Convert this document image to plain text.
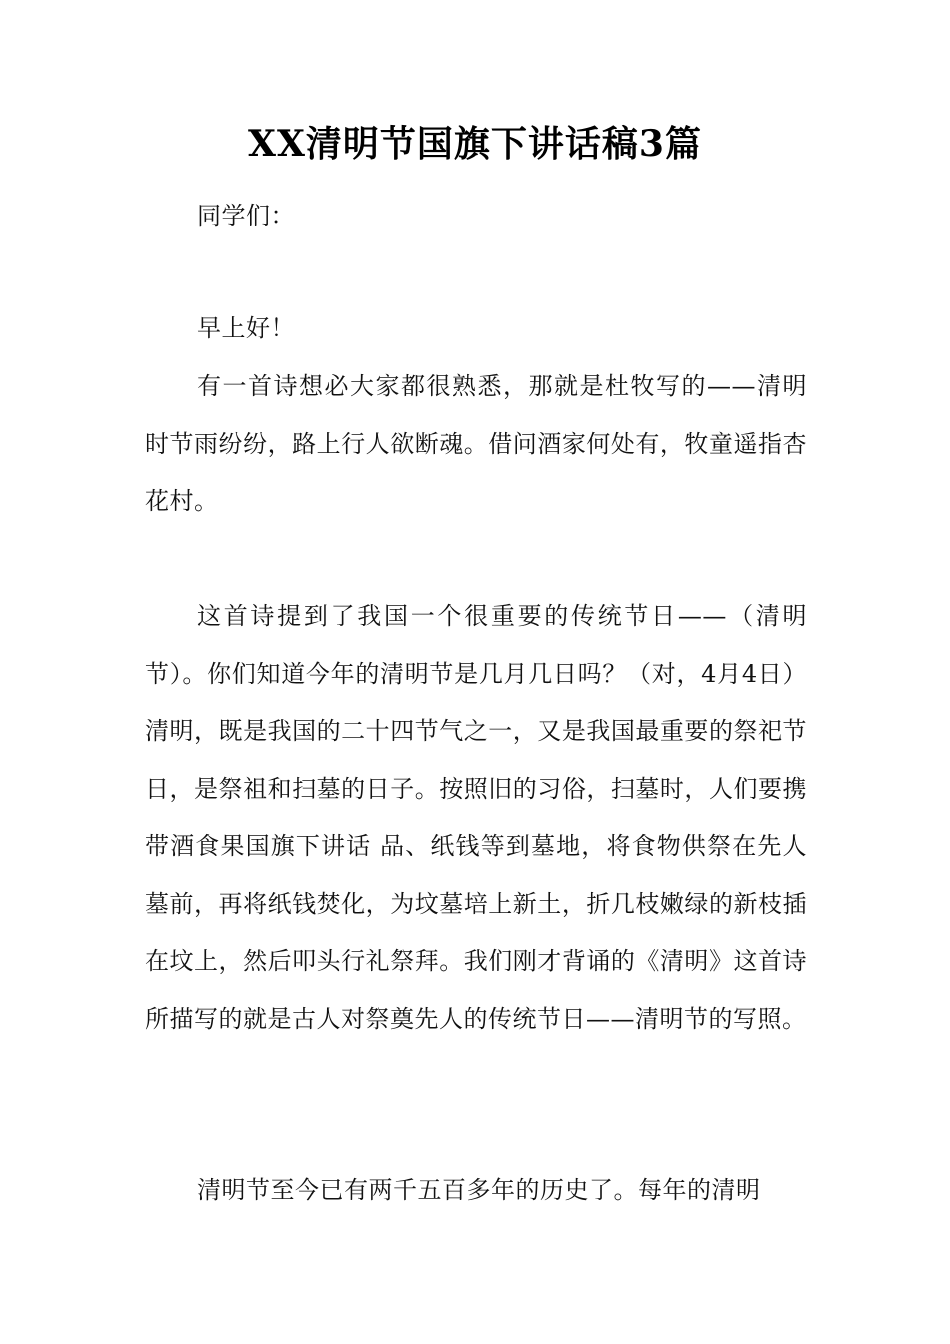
XX清明节国旗下讲话稿3篇

同学们：

早上好！

有一首诗想必大家都很熟悉，那就是杜牧写的——清明时节雨纷纷，路上行人欲断魂。借问酒家何处有，牧童遥指杏花村。

这首诗提到了我国一个很重要的传统节日——（清明节）。你们知道今年的清明节是几月几日吗？（对，4月4日）清明，既是我国的二十四节气之一，又是我国最重要的祭祀节日，是祭祖和扫墓的日子。按照旧的习俗，扫墓时，人们要携带酒食果国旗下讲话 品、纸钱等到墓地，将食物供祭在先人墓前，再将纸钱焚化，为坟墓培上新土，折几枝嫩绿的新枝插在坟上，然后叩头行礼祭拜。我们刚才背诵的《清明》这首诗所描写的就是古人对祭奠先人的传统节日——清明节的写照。

清明节至今已有两千五百多年的历史了。每年的清明
